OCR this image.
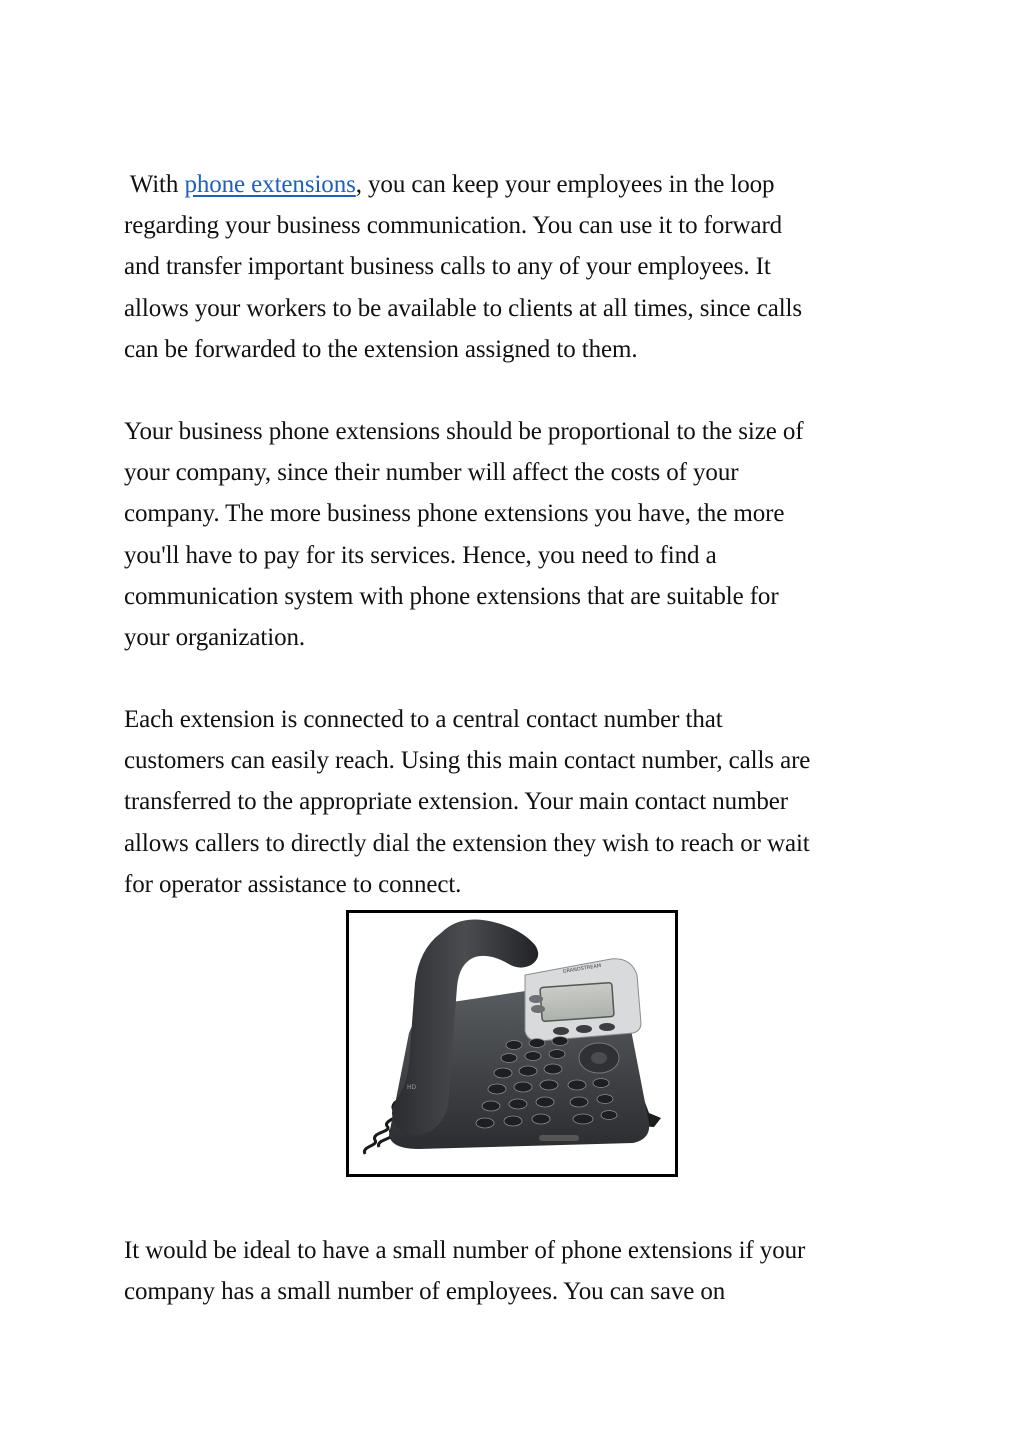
With phone extensions, you can keep your employees in the loop
regarding your business communication. You can use it to forward
and transfer important business calls to any of your employees. It
allows your workers to be available to clients at all times, since calls
can be forwarded to the extension assigned to them.

Your business phone extensions should be proportional to the size of
your company, since their number will affect the costs of your
company. The more business phone extensions you have, the more
you'll have to pay for its services. Hence, you need to find a
communication system with phone extensions that are suitable for
your organization.

Each extension is connected to a central contact number that
customers can easily reach. Using this main contact number, calls are
transferred to the appropriate extension. Your main contact number
allows callers to directly dial the extension they wish to reach or wait
for operator assistance to connect.

GRANDSTREAM
HD

It would be ideal to have a small number of phone extensions if your
company has a small number of employees. You can save on
